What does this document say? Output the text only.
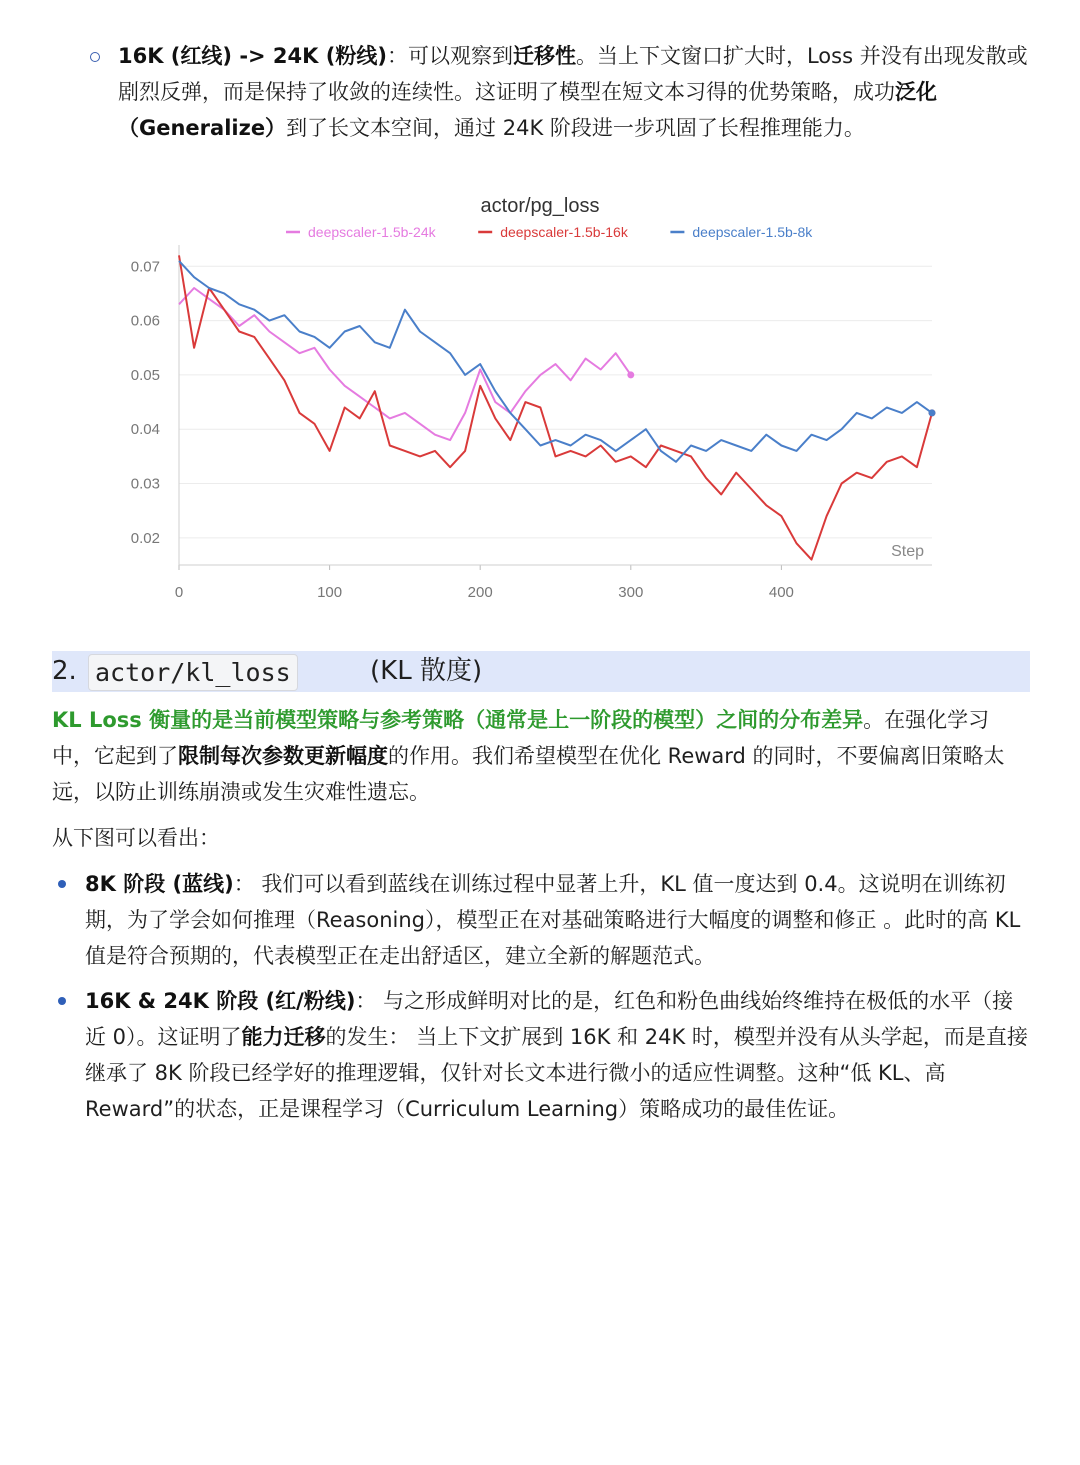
16K (红线) -> 24K (粉线)：可以观察到迁移性。当上下文窗口扩大时，Loss 并没有出现发散或剧烈反弹，而是保持了收敛的连续性。这证明了模型在短文本习得的优势策略，成功泛化
（Generalize）到了长文本空间，通过 24K 阶段进一步巩固了长程推理能力。

actor/pg_loss
deepscaler-1.5b-24k	deepscaler-1.5b-16k	deepscaler-1.5b-8k
0.07
0.06
0.05
0.04
0.03
0.02
0	100	200	300	400
Step
2. actor/kl_loss	(KL 散度)

KL Loss 衡量的是当前模型策略与参考策略（通常是上一阶段的模型）之间的分布差异。在强化学习中，它起到了限制每次参数更新幅度的作用。我们希望模型在优化 Reward 的同时，不要偏离旧策略太远，以防止训练崩溃或发生灾难性遗忘。

从下图可以看出：

8K 阶段 (蓝线)： 我们可以看到蓝线在训练过程中显著上升，KL 值一度达到 0.4。这说明在训练初期，为了学会如何推理（Reasoning），模型正在对基础策略进行大幅度的调整和修正 。此时的高 KL 值是符合预期的，代表模型正在走出舒适区，建立全新的解题范式。

16K & 24K 阶段 (红/粉线)： 与之形成鲜明对比的是，红色和粉色曲线始终维持在极低的水平（接近 0）。这证明了能力迁移的发生： 当上下文扩展到 16K 和 24K 时，模型并没有从头学起，而是直接继承了 8K 阶段已经学好的推理逻辑，仅针对长文本进行微小的适应性调整。这种“低 KL、高 Reward”的状态，正是课程学习（Curriculum Learning）策略成功的最佳佐证。
